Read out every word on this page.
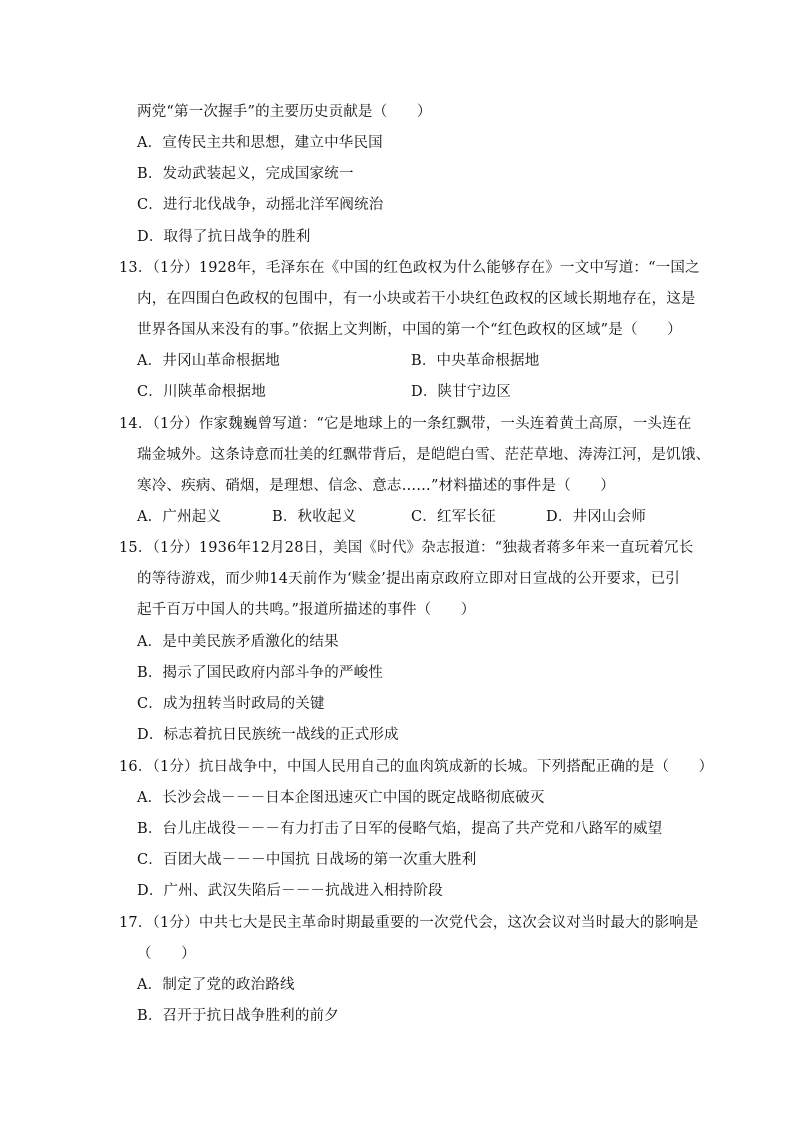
两党“第一次握手”的主要历史贡献是（　　）
A．宣传民主共和思想，建立中华民国
B．发动武装起义，完成国家统一
C．进行北伐战争，动摇北洋军阀统治
D．取得了抗日战争的胜利
13．（1分）1928年，毛泽东在《中国的红色政权为什么能够存在》一文中写道：“一国之
内，在四围白色政权的包围中，有一小块或若干小块红色政权的区域长期地存在，这是
世界各国从来没有的事。”依据上文判断，中国的第一个“红色政权的区域”是（　　）
A．井冈山革命根据地	B．中央革命根据地
C．川陕革命根据地	D．陕甘宁边区
14．（1分）作家魏巍曾写道：“它是地球上的一条红飘带，一头连着黄土高原，一头连在
瑞金城外。这条诗意而壮美的红飘带背后，是皑皑白雪、茫茫草地、涛涛江河，是饥饿、
寒冷、疾病、硝烟，是理想、信念、意志……”材料描述的事件是（　　）
A．广州起义	B．秋收起义	C．红军长征	D．井冈山会师
15．（1分）1936年12月28日，美国《时代》杂志报道：“独裁者蒋多年来一直玩着冗长
的等待游戏，而少帅14天前作为‘赎金’提出南京政府立即对日宣战的公开要求，已引
起千百万中国人的共鸣。”报道所描述的事件（　　）
A．是中美民族矛盾激化的结果
B．揭示了国民政府内部斗争的严峻性
C．成为扭转当时政局的关键
D．标志着抗日民族统一战线的正式形成
16．（1分）抗日战争中，中国人民用自己的血肉筑成新的长城。下列搭配正确的是（　　）
A．长沙会战－－－日本企图迅速灭亡中国的既定战略彻底破灭
B．台儿庄战役－－－有力打击了日军的侵略气焰，提高了共产党和八路军的威望
C．百团大战－－－中国抗 日战场的第一次重大胜利
D．广州、武汉失陷后－－－抗战进入相持阶段
17．（1分）中共七大是民主革命时期最重要的一次党代会，这次会议对当时最大的影响是
（　　）
A．制定了党的政治路线
B．召开于抗日战争胜利的前夕
